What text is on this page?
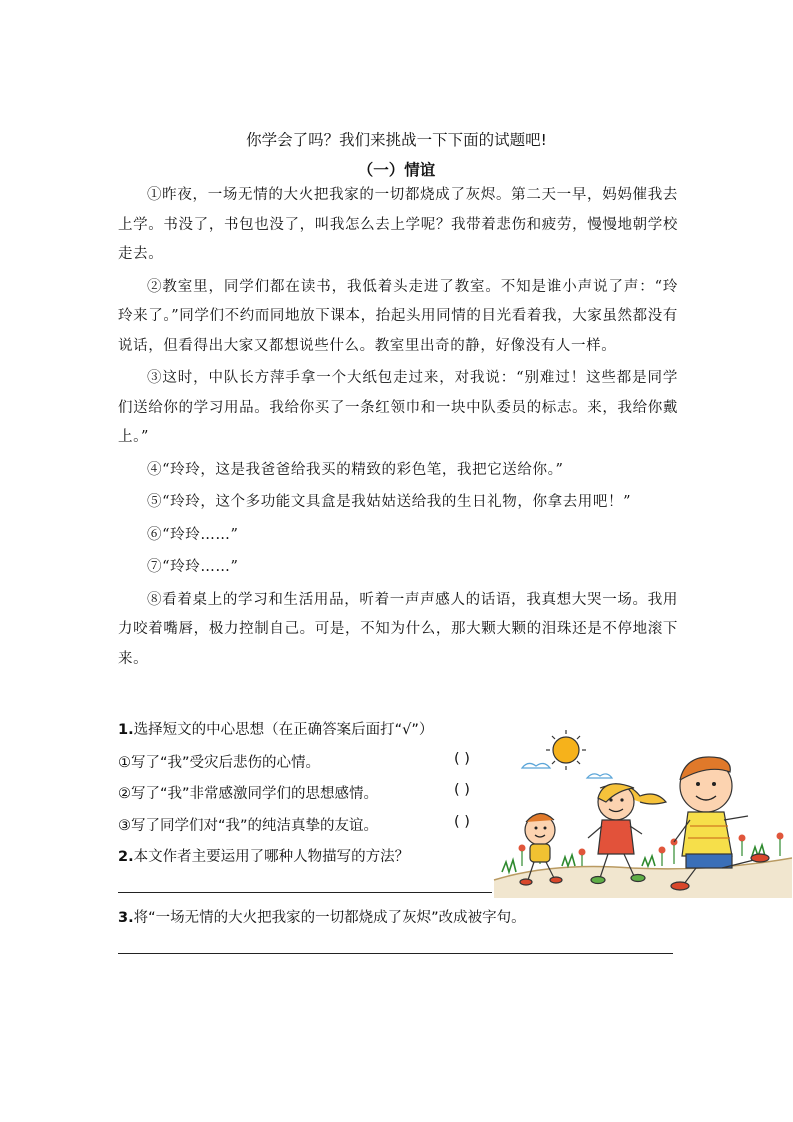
你学会了吗？我们来挑战一下下面的试题吧!
（一）情谊

①昨夜，一场无情的大火把我家的一切都烧成了灰烬。第二天一早，妈妈催我去上学。书没了，书包也没了，叫我怎么去上学呢？我带着悲伤和疲劳，慢慢地朝学校走去。

②教室里，同学们都在读书，我低着头走进了教室。不知是谁小声说了声：“玲玲来了。”同学们不约而同地放下课本，抬起头用同情的目光看着我，大家虽然都没有说话，但看得出大家又都想说些什么。教室里出奇的静，好像没有人一样。

③这时，中队长方萍手拿一个大纸包走过来，对我说：“别难过！这些都是同学们送给你的学习用品。我给你买了一条红领巾和一块中队委员的标志。来，我给你戴上。”

④“玲玲，这是我爸爸给我买的精致的彩色笔，我把它送给你。”

⑤“玲玲，这个多功能文具盒是我姑姑送给我的生日礼物，你拿去用吧！”

⑥“玲玲……”

⑦“玲玲……”

⑧看着桌上的学习和生活用品，听着一声声感人的话语，我真想大哭一场。我用力咬着嘴唇，极力控制自己。可是，不知为什么，那大颗大颗的泪珠还是不停地滚下来。

1.选择短文的中心思想（在正确答案后面打“√”）
①写了“我”受灾后悲伤的心情。	( )
②写了“我”非常感激同学们的思想感情。	( )
③写了同学们对“我”的纯洁真挚的友谊。	( )
2.本文作者主要运用了哪种人物描写的方法？
3.将“一场无情的大火把我家的一切都烧成了灰烬”改成被字句。
